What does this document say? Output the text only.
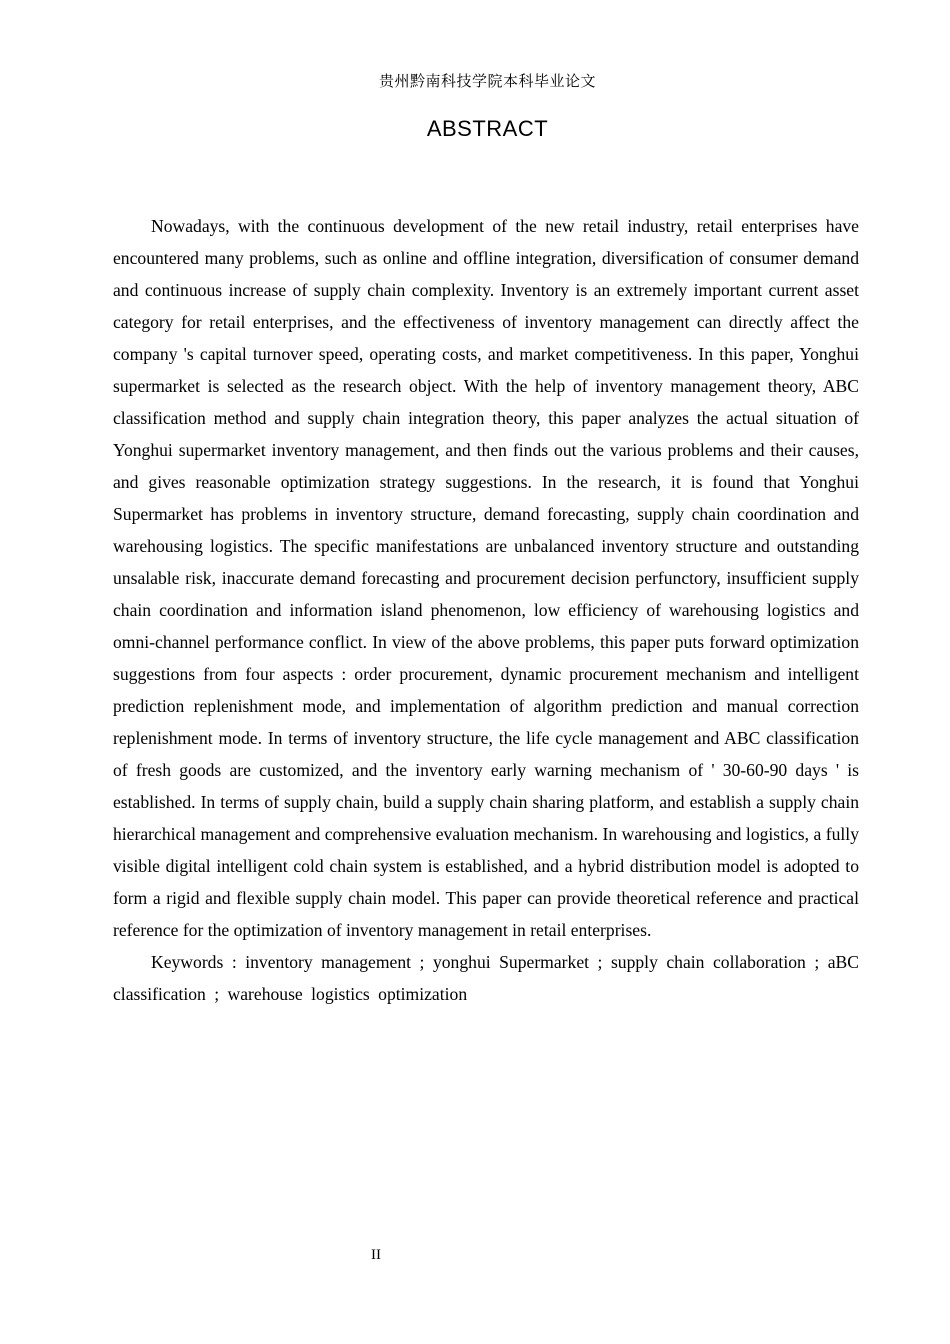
贵州黔南科技学院本科毕业论文
ABSTRACT

Nowadays, with the continuous development of the new retail industry, retail enterprises have encountered many problems, such as online and offline integration, diversification of consumer demand and continuous increase of supply chain complexity. Inventory is an extremely important current asset category for retail enterprises, and the effectiveness of inventory management can directly affect the company 's capital turnover speed, operating costs, and market competitiveness. In this paper, Yonghui supermarket is selected as the research object. With the help of inventory management theory, ABC classification method and supply chain integration theory, this paper analyzes the actual situation of Yonghui supermarket inventory management, and then finds out the various problems and their causes, and gives reasonable optimization strategy suggestions. In the research, it is found that Yonghui Supermarket has problems in inventory structure, demand forecasting, supply chain coordination and warehousing logistics. The specific manifestations are unbalanced inventory structure and outstanding unsalable risk, inaccurate demand forecasting and procurement decision perfunctory, insufficient supply chain coordination and information island phenomenon, low efficiency of warehousing logistics and omni-channel performance conflict. In view of the above problems, this paper puts forward optimization suggestions from four aspects : order procurement, dynamic procurement mechanism and intelligent prediction replenishment mode, and implementation of algorithm prediction and manual correction replenishment mode. In terms of inventory structure, the life cycle management and ABC classification of fresh goods are customized, and the inventory early warning mechanism of ' 30-60-90 days ' is established. In terms of supply chain, build a supply chain sharing platform, and establish a supply chain hierarchical management and comprehensive evaluation mechanism. In warehousing and logistics, a fully visible digital intelligent cold chain system is established, and a hybrid distribution model is adopted to form a rigid and flexible supply chain model. This paper can provide theoretical reference and practical reference for the optimization of inventory management in retail enterprises.

Keywords : inventory management ; yonghui Supermarket ; supply chain collaboration ; aBC classification ; warehouse logistics optimization

II
